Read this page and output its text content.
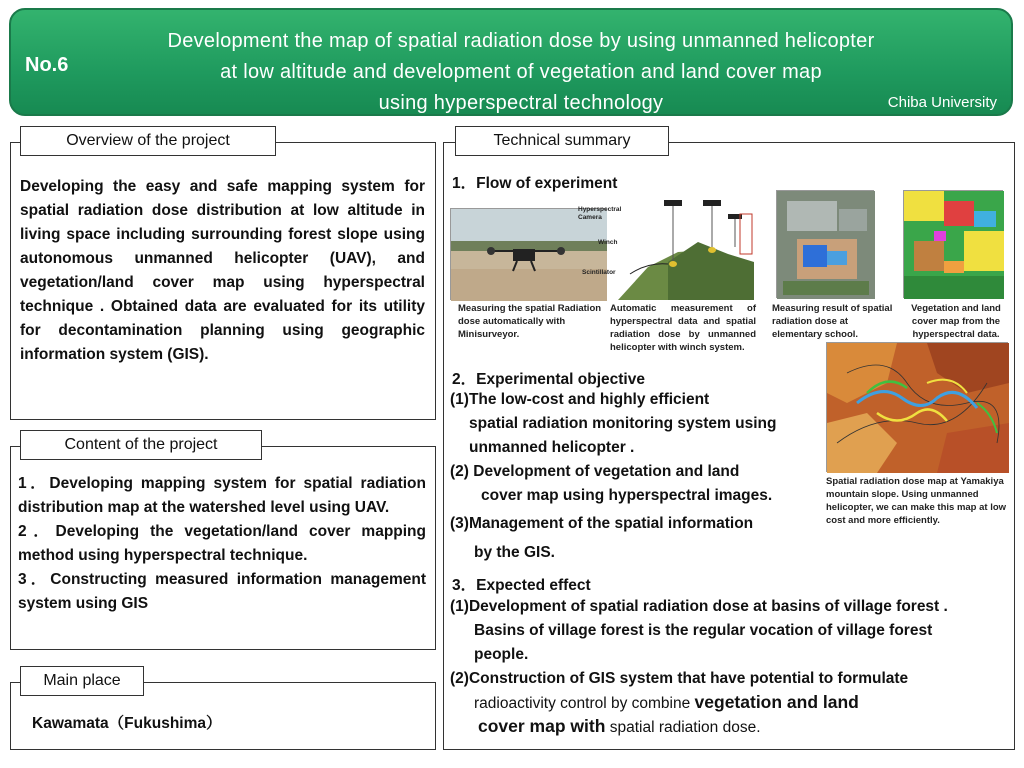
No.6
Development the map of spatial radiation dose by using unmanned helicopter
at low altitude and development of vegetation and land cover map
using hyperspectral technology	Chiba University
Overview of the project
Developing the easy and safe mapping system for spatial radiation dose distribution at low altitude in living space including surrounding forest slope using autonomous unmanned helicopter (UAV), and vegetation/land cover map using hyperspectral technique . Obtained data are evaluated for its utility for decontamination planning using geographic information system (GIS).
Content of the project
1．Developing mapping system for spatial radiation distribution map at the watershed level using UAV.
2．Developing the vegetation/land cover mapping method using hyperspectral technique.
3．Constructing measured information management system using GIS
Main place
Kawamata（Fukushima）
Technical summary
1．Flow of experiment
Hyperspectral Camera
Winch
Scintillator
Measuring the spatial Radiation dose automatically with Minisurveyor.
Automatic measurement of hyperspectral data and spatial radiation dose by unmanned helicopter with winch system.
Measuring result of spatial radiation dose at elementary school.
Vegetation and land cover map from the hyperspectral data.
Spatial radiation dose map at Yamakiya mountain slope. Using unmanned helicopter, we can make this map at low cost and more efficiently.
2．Experimental objective
(1)The low-cost and highly efficient
spatial radiation monitoring system using
unmanned helicopter .
(2) Development of vegetation and land
cover map using hyperspectral images.
(3)Management of the spatial information
by the GIS.
3．Expected effect
(1)Development of spatial radiation dose at basins of village forest .
Basins of village forest is the regular vocation of village forest
people.
(2)Construction of GIS system that have potential to formulate
radioactivity control by combine vegetation and land
cover map with spatial radiation dose.
